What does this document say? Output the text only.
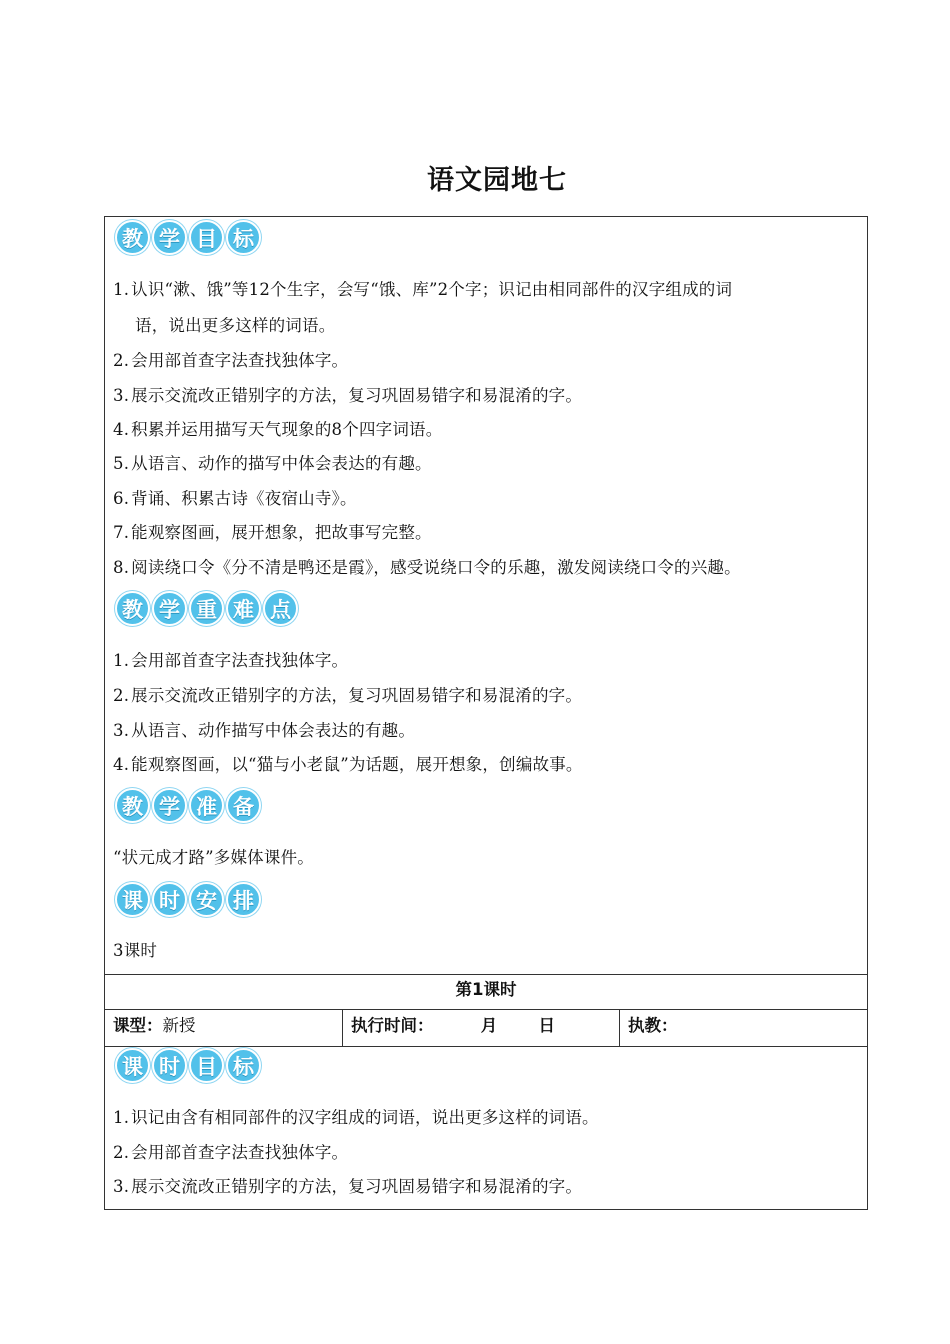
语文园地七
教 学 目 标
1. 认识“漱、饿”等12个生字，会写“饿、库”2个字；识记由相同部件的汉字组成的词
语，说出更多这样的词语。
2. 会用部首查字法查找独体字。
3. 展示交流改正错别字的方法，复习巩固易错字和易混淆的字。
4. 积累并运用描写天气现象的8个四字词语。
5. 从语言、动作的描写中体会表达的有趣。
6. 背诵、积累古诗《夜宿山寺》。
7. 能观察图画，展开想象，把故事写完整。
8. 阅读绕口令《分不清是鸭还是霞》，感受说绕口令的乐趣，激发阅读绕口令的兴趣。
教 学 重 难 点
1. 会用部首查字法查找独体字。
2. 展示交流改正错别字的方法，复习巩固易错字和易混淆的字。
3. 从语言、动作描写中体会表达的有趣。
4. 能观察图画，以“猫与小老鼠”为话题，展开想象，创编故事。
教 学 准 备
“状元成才路”多媒体课件。
课 时 安 排
3课时
第1课时
课型：新授	执行时间：	月	日	执教：
课 时 目 标
1. 识记由含有相同部件的汉字组成的词语，说出更多这样的词语。
2. 会用部首查字法查找独体字。
3. 展示交流改正错别字的方法，复习巩固易错字和易混淆的字。
